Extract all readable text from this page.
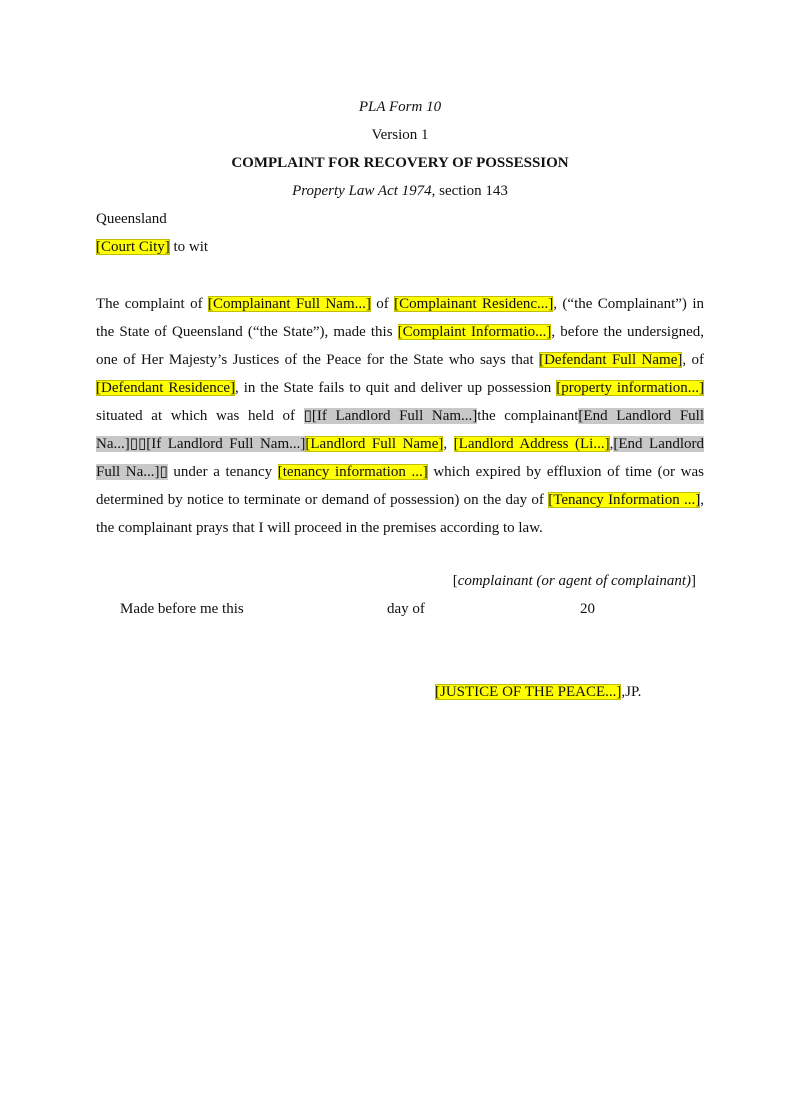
PLA Form 10
Version 1
COMPLAINT FOR RECOVERY OF POSSESSION
Property Law Act 1974, section 143
Queensland
[Court City] to wit
The complaint of [Complainant Full Nam...] of [Complainant Residenc...], (“the Complainant”) in the State of Queensland (“the State”), made this [Complaint Informatio...], before the undersigned, one of Her Majesty’s Justices of the Peace for the State who says that [Defendant Full Name], of [Defendant Residence], in the State fails to quit and deliver up possession [property information...] situated at which was held of ▯[If Landlord Full Nam...]the complainant[End Landlord Full Na...]▯▯[If Landlord Full Nam...][Landlord Full Name], [Landlord Address (Li...],[End Landlord Full Na...]▯ under a tenancy [tenancy information ...] which expired by effluxion of time (or was determined by notice to terminate or demand of possession) on the day of [Tenancy Information ...], the complainant prays that I will proceed in the premises according to law.
[complainant (or agent of complainant)]
Made before me this	day of	20
[JUSTICE OF THE PEACE...],JP.
